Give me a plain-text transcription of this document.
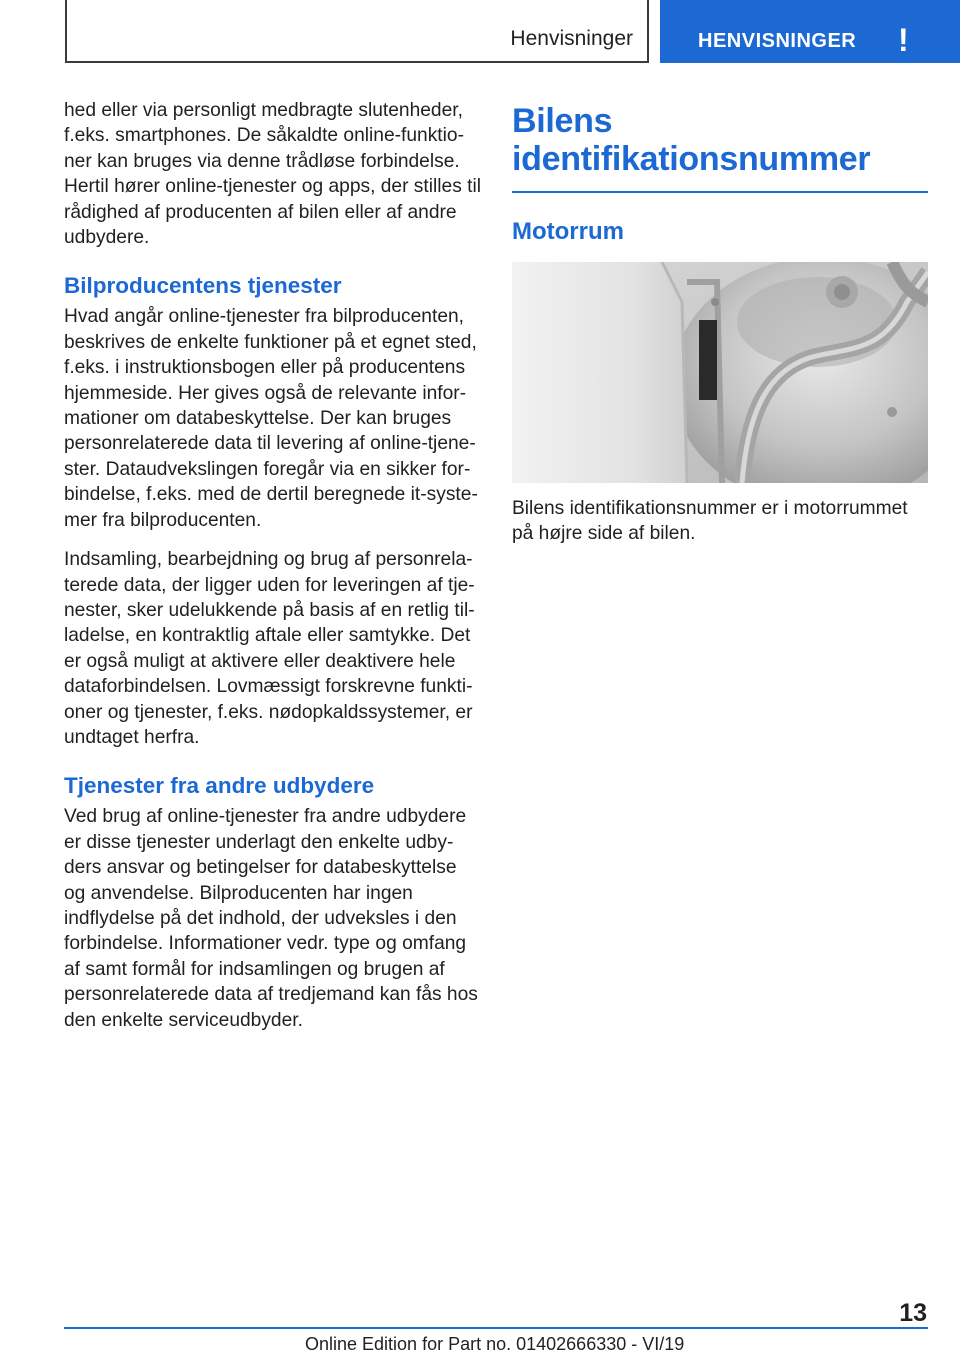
Henvisninger	HENVISNINGER !

hed eller via personligt medbragte slutenheder, f.eks. smartphones. De såkaldte online-funktioner kan bruges via denne trådløse forbindelse. Hertil hører online-tjenester og apps, der stilles til rådighed af producenten af bilen eller af andre udbydere.

Bilproducentens tjenester

Hvad angår online-tjenester fra bilproducenten, beskrives de enkelte funktioner på et egnet sted, f.eks. i instruktionsbogen eller på producentens hjemmeside. Her gives også de relevante informationer om databeskyttelse. Der kan bruges personrelaterede data til levering af online-tjenester. Dataudvekslingen foregår via en sikker forbindelse, f.eks. med de dertil beregnede it-systemer fra bilproducenten.

Indsamling, bearbejdning og brug af personrelaterede data, der ligger uden for leveringen af tjenester, sker udelukkende på basis af en retlig tilladelse, en kontraktlig aftale eller samtykke. Det er også muligt at aktivere eller deaktivere hele dataforbindelsen. Lovmæssigt forskrevne funktioner og tjenester, f.eks. nødopkaldssystemer, er undtaget herfra.

Tjenester fra andre udbydere

Ved brug af online-tjenester fra andre udbydere er disse tjenester underlagt den enkelte udbyders ansvar og betingelser for databeskyttelse og anvendelse. Bilproducenten har ingen indflydelse på det indhold, der udveksles i den forbindelse. Informationer vedr. type og omfang af samt formål for indsamlingen og brugen af personrelaterede data af tredjemand kan fås hos den enkelte serviceudbyder.

Bilens identifikationsnummer
Motorrum

Bilens identifikationsnummer er i motorrummet på højre side af bilen.

13
Online Edition for Part no. 01402666330 - VI/19
